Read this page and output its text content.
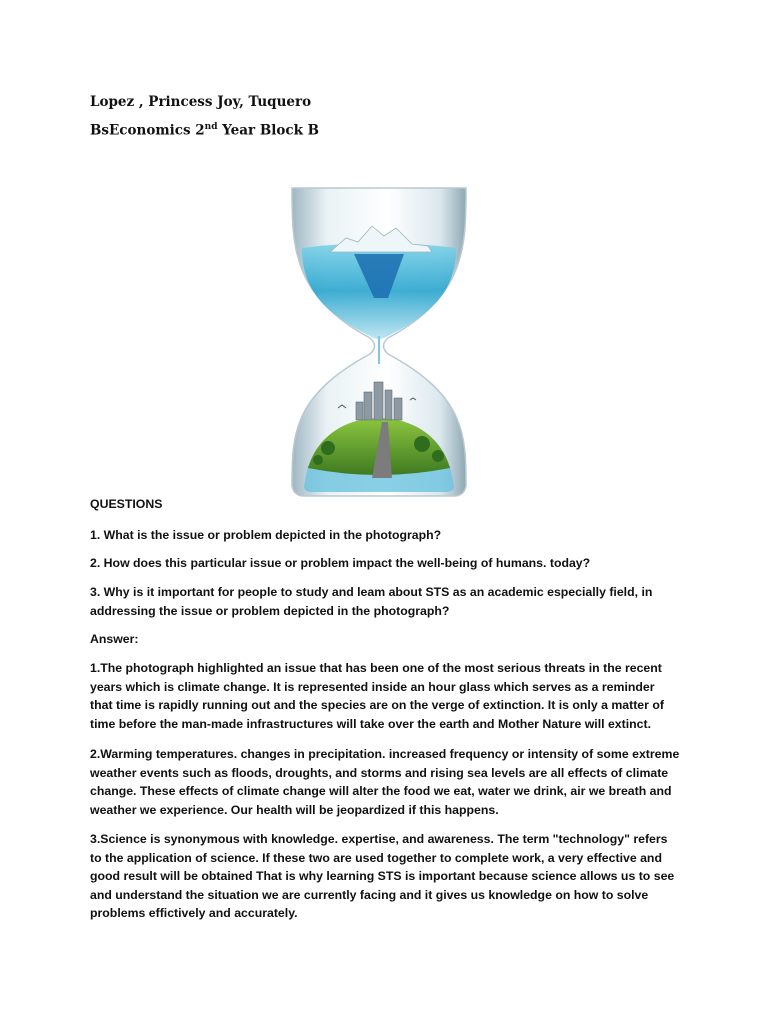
Lopez , Princess Joy, Tuquero
BsEconomics 2nd Year Block B

QUESTIONS

1. What is the issue or problem depicted in the photograph?

2. How does this particular issue or problem impact the well-being of humans. today?

3. Why is it important for people to study and leam about STS as an academic especially field, in addressing the issue or problem depicted in the photograph?

Answer:

1.The photograph highlighted an issue that has been one of the most serious threats in the recent years which is climate change. It is represented inside an hour glass which serves as a reminder that time is rapidly running out and the species are on the verge of extinction. It is only a matter of time before the man-made infrastructures will take over the earth and Mother Nature will extinct.

2.Warming temperatures. changes in precipitation. increased frequency or intensity of some extreme weather events such as floods, droughts, and storms and rising sea levels are all effects of climate change. These effects of climate change will alter the food we eat, water we drink, air we breath and weather we experience. Our health will be jeopardized if this happens.

3.Science is synonymous with knowledge. expertise, and awareness. The term "technology" refers to the application of science. If these two are used together to complete work, a very effective and good result will be obtained That is why learning STS is important because science allows us to see and understand the situation we are currently facing and it gives us knowledge on how to solve problems effictively and accurately.
